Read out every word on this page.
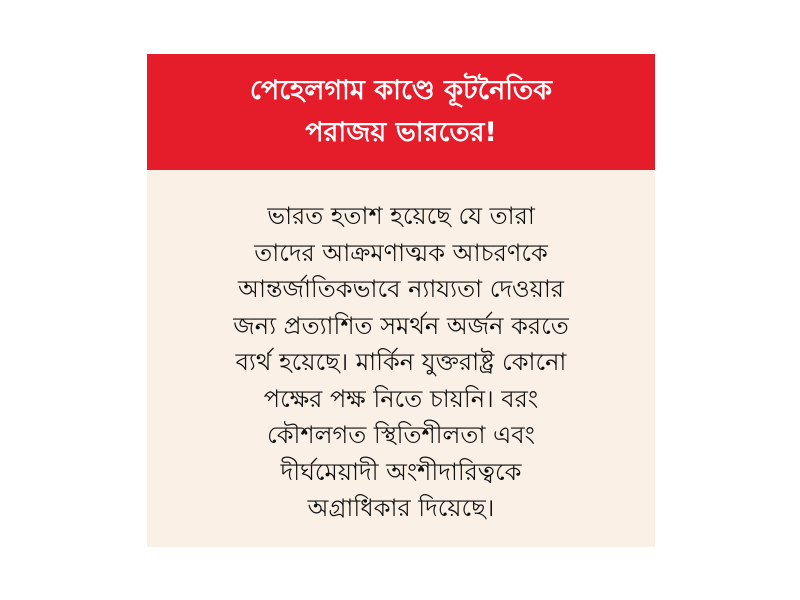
পেহেলগাম কাণ্ডে কূটনৈতিক
পরাজয় ভারতের!
ভারত হতাশ হয়েছে যে তারা
তাদের আক্রমণাত্মক আচরণকে
আন্তর্জাতিকভাবে ন্যায্যতা দেওয়ার
জন্য প্রত্যাশিত সমর্থন অর্জন করতে
ব্যর্থ হয়েছে। মার্কিন যুক্তরাষ্ট্র কোনো
পক্ষের পক্ষ নিতে চায়নি। বরং
কৌশলগত স্থিতিশীলতা এবং
দীর্ঘমেয়াদী অংশীদারিত্বকে
অগ্রাধিকার দিয়েছে।
